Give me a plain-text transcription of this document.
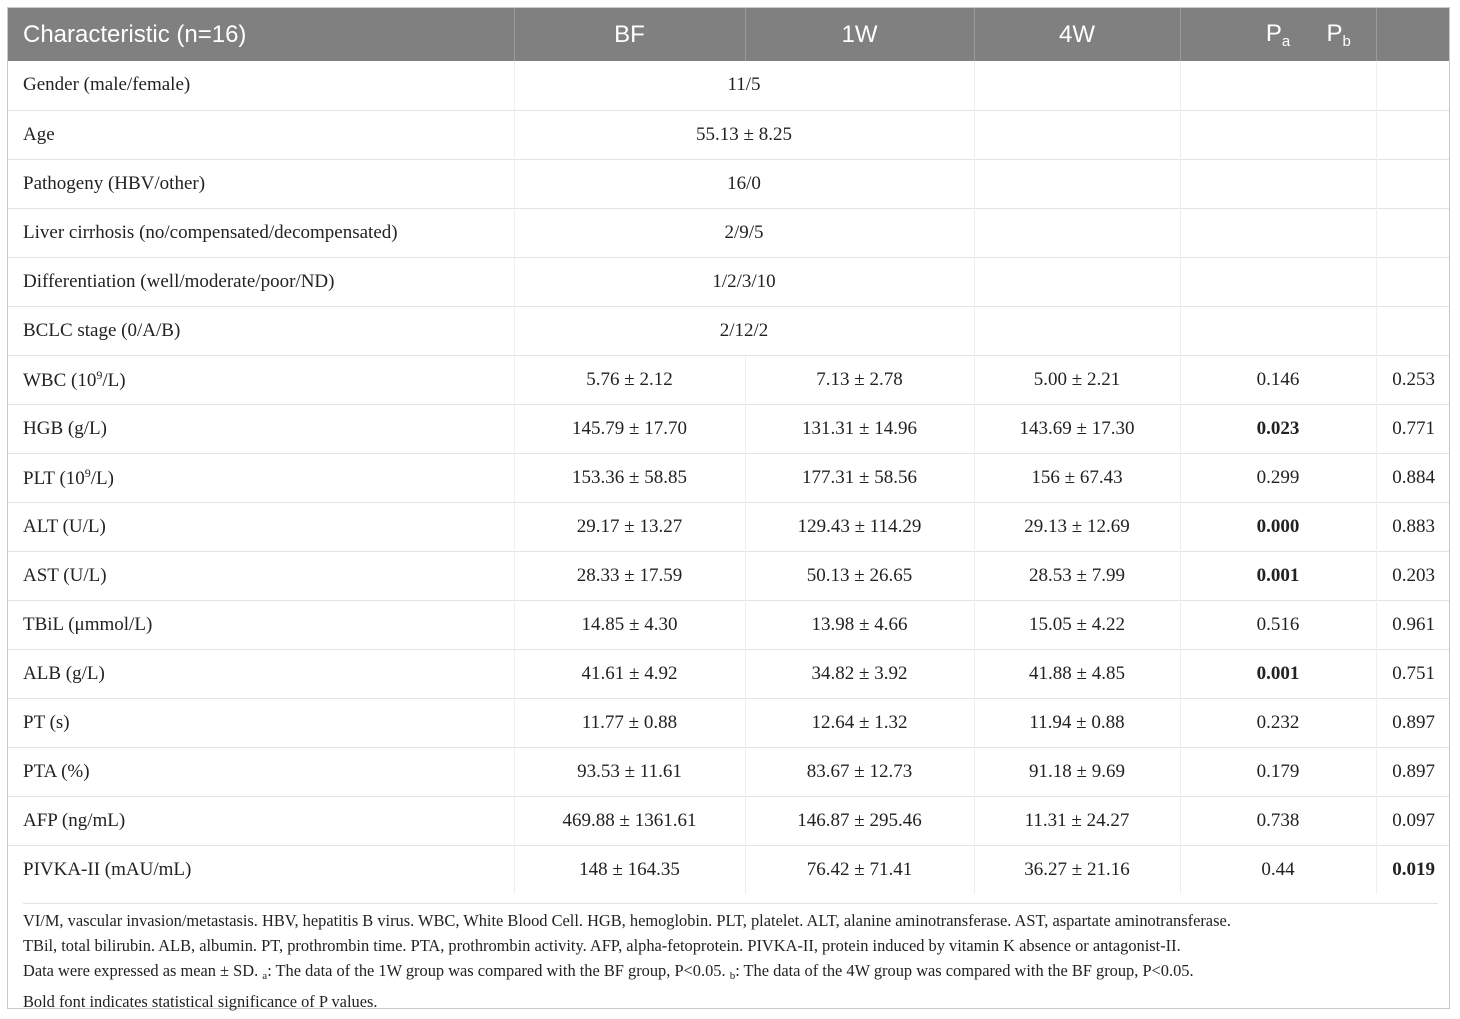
Characteristic (n=16)	BF	1W	4W	$P_a$	$P_b$
Gender (male/female)	11/5				
Age	55.13 ± 8.25				
Pathogeny (HBV/other)	16/0				
Liver cirrhosis (no/compensated/decompensated)	2/9/5				
Differentiation (well/moderate/poor/ND)	1/2/3/10				
BCLC stage (0/A/B)	2/12/2				
WBC $(10^9/L)$	5.76 ± 2.12	7.13 ± 2.78	5.00 ± 2.21	0.146	0.253
HGB (g/L)	145.79 ± 17.70	131.31 ± 14.96	143.69 ± 17.30	0.023	0.771
PLT $(10^9/L)$	153.36 ± 58.85	177.31 ± 58.56	156 ± 67.43	0.299	0.884
ALT (U/L)	29.17 ± 13.27	129.43 ± 114.29	29.13 ± 12.69	0.000	0.883
AST (U/L)	28.33 ± 17.59	50.13 ± 26.65	28.53 ± 7.99	0.001	0.203
TBiL (μmmol/L)	14.85 ± 4.30	13.98 ± 4.66	15.05 ± 4.22	0.516	0.961
ALB (g/L)	41.61 ± 4.92	34.82 ± 3.92	41.88 ± 4.85	0.001	0.751
PT (s)	11.77 ± 0.88	12.64 ± 1.32	11.94 ± 0.88	0.232	0.897
PTA (%)	93.53 ± 11.61	83.67 ± 12.73	91.18 ± 9.69	0.179	0.897
AFP (ng/mL)	469.88 ± 1361.61	146.87 ± 295.46	11.31 ± 24.27	0.738	0.097
PIVKA-II (mAU/mL)	148 ± 164.35	76.42 ± 71.41	36.27 ± 21.16	0.44	0.019
VI/M, vascular invasion/metastasis. HBV, hepatitis B virus. WBC, White Blood Cell. HGB, hemoglobin. PLT, platelet. ALT, alanine aminotransferase. AST, aspartate aminotransferase.
TBil, total bilirubin. ALB, albumin. PT, prothrombin time. PTA, prothrombin activity. AFP, alpha-fetoprotein. PIVKA-II, protein induced by vitamin K absence or antagonist-II.
Data were expressed as mean ± SD. $_a$: The data of the 1W group was compared with the BF group, P<0.05. $_b$: The data of the 4W group was compared with the BF group, P<0.05.
Bold font indicates statistical significance of P values.
